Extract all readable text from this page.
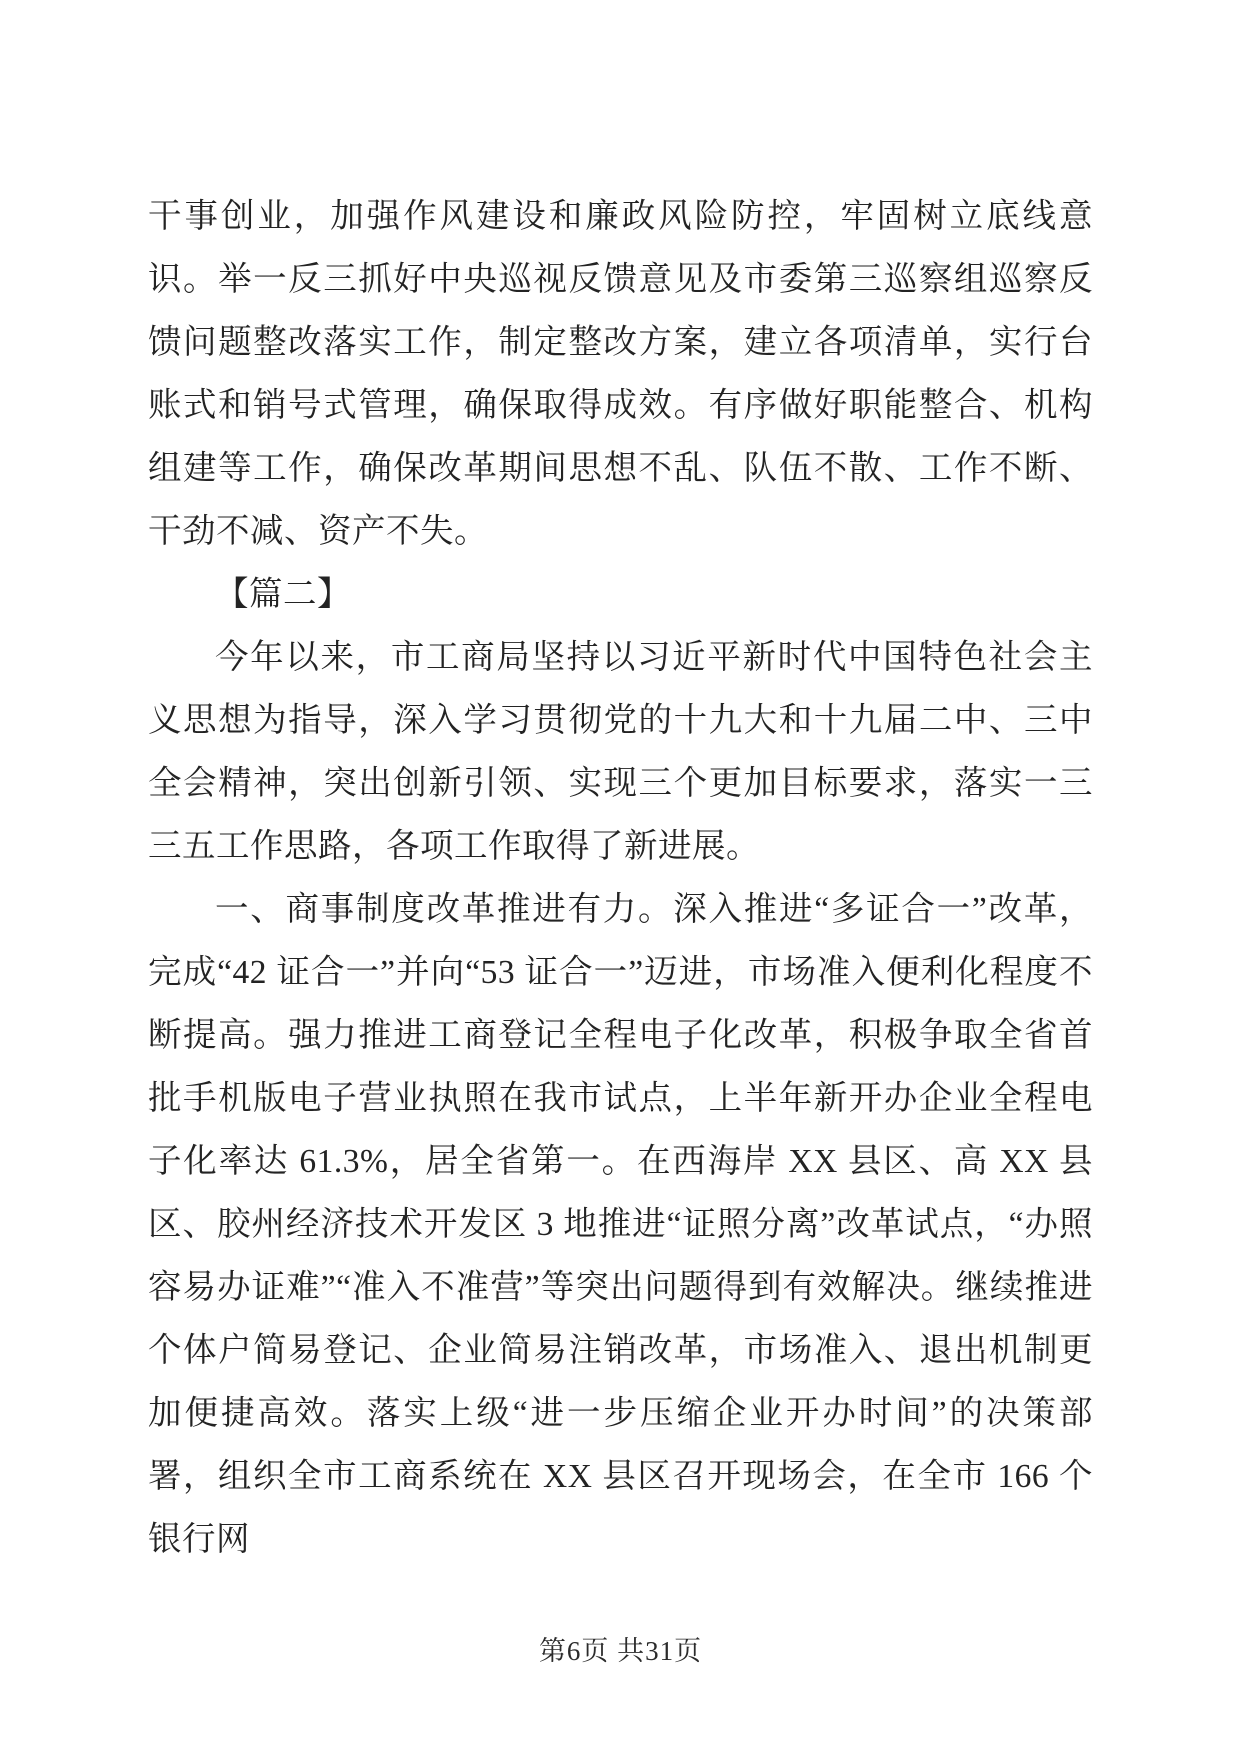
干事创业，加强作风建设和廉政风险防控，牢固树立底线意识。举一反三抓好中央巡视反馈意见及市委第三巡察组巡察反馈问题整改落实工作，制定整改方案，建立各项清单，实行台账式和销号式管理，确保取得成效。有序做好职能整合、机构组建等工作，确保改革期间思想不乱、队伍不散、工作不断、干劲不减、资产不失。

【篇二】

今年以来，市工商局坚持以习近平新时代中国特色社会主义思想为指导，深入学习贯彻党的十九大和十九届二中、三中全会精神，突出创新引领、实现三个更加目标要求，落实一三三五工作思路，各项工作取得了新进展。

一、商事制度改革推进有力。深入推进“多证合一”改革，完成“42 证合一”并向“53 证合一”迈进，市场准入便利化程度不断提高。强力推进工商登记全程电子化改革，积极争取全省首批手机版电子营业执照在我市试点，上半年新开办企业全程电子化率达 61.3%，居全省第一。在西海岸 XX 县区、高 XX 县区、胶州经济技术开发区 3 地推进“证照分离”改革试点，“办照容易办证难”“准入不准营”等突出问题得到有效解决。继续推进个体户简易登记、企业简易注销改革，市场准入、退出机制更加便捷高效。落实上级“进一步压缩企业开办时间”的决策部署，组织全市工商系统在 XX 县区召开现场会，在全市 166 个银行网

第6页 共31页
